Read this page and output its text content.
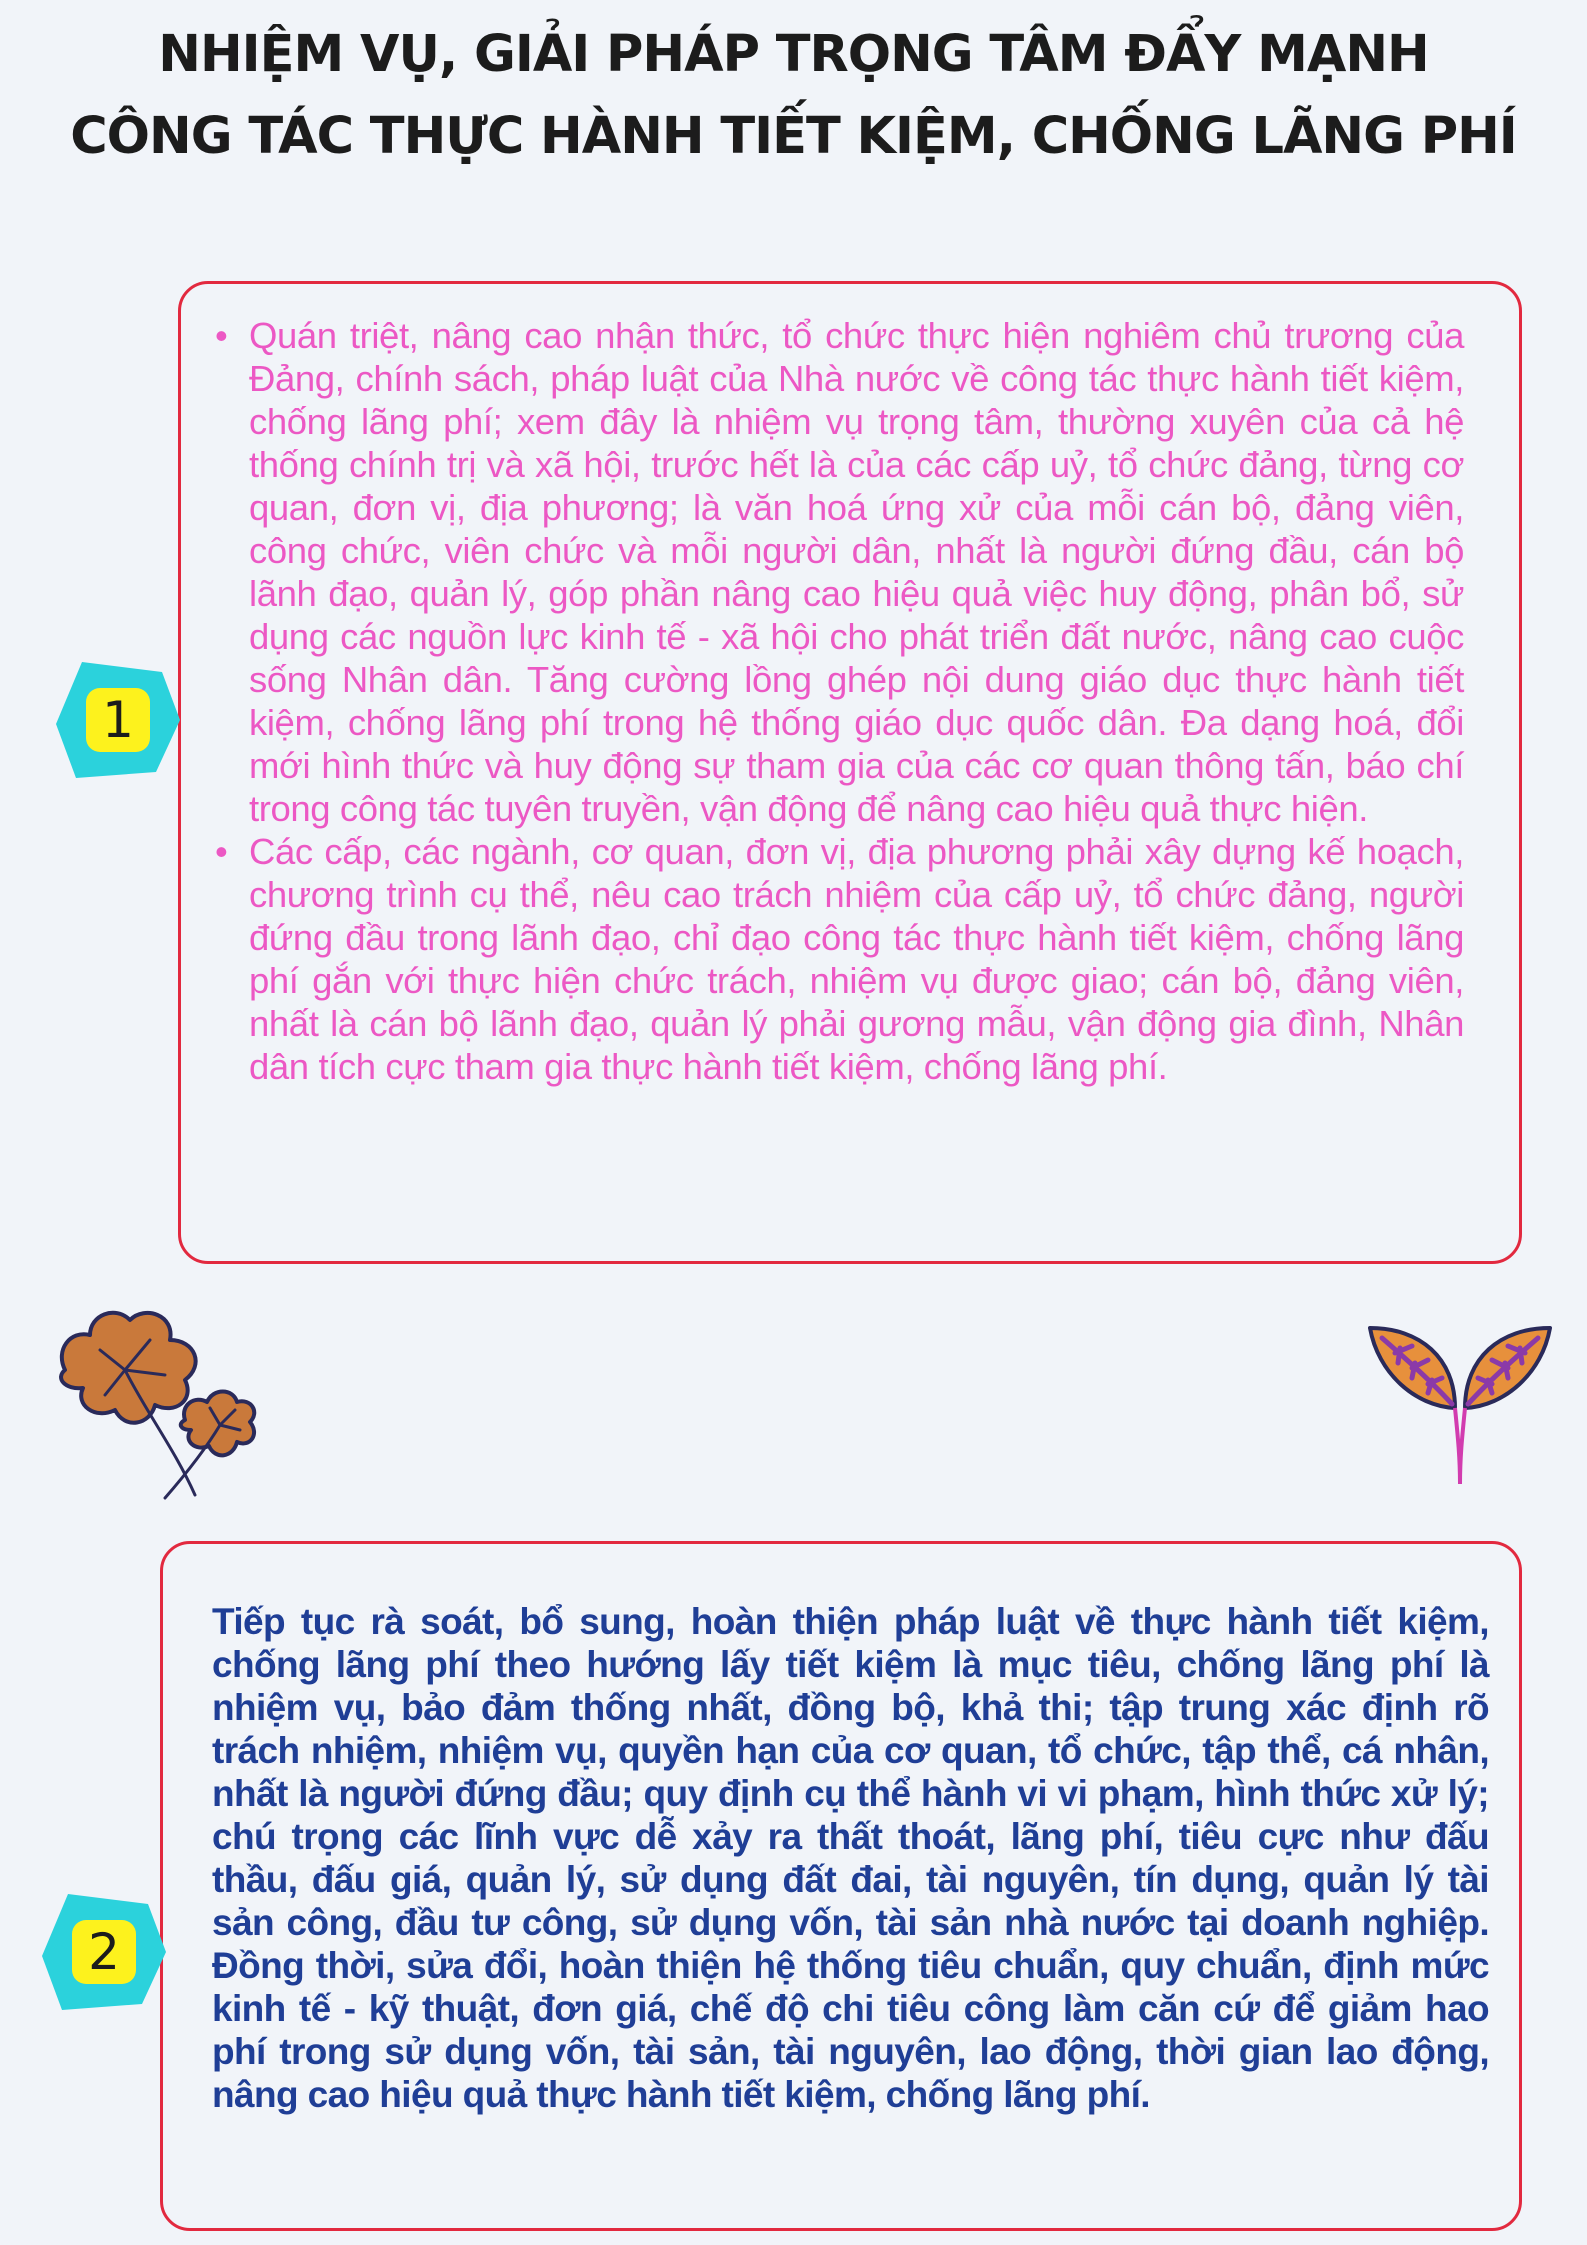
NHIỆM VỤ, GIẢI PHÁP TRỌNG TÂM ĐẨY MẠNH
CÔNG TÁC THỰC HÀNH TIẾT KIỆM, CHỐNG LÃNG PHÍ
• Quán triệt, nâng cao nhận thức, tổ chức thực hiện nghiêm chủ trương của Đảng, chính sách, pháp luật của Nhà nước về công tác thực hành tiết kiệm, chống lãng phí; xem đây là nhiệm vụ trọng tâm, thường xuyên của cả hệ thống chính trị và xã hội, trước hết là của các cấp uỷ, tổ chức đảng, từng cơ quan, đơn vị, địa phương; là văn hoá ứng xử của mỗi cán bộ, đảng viên, công chức, viên chức và mỗi người dân, nhất là người đứng đầu, cán bộ lãnh đạo, quản lý, góp phần nâng cao hiệu quả việc huy động, phân bổ, sử dụng các nguồn lực kinh tế - xã hội cho phát triển đất nước, nâng cao cuộc sống Nhân dân. Tăng cường lồng ghép nội dung giáo dục thực hành tiết kiệm, chống lãng phí trong hệ thống giáo dục quốc dân. Đa dạng hoá, đổi mới hình thức và huy động sự tham gia của các cơ quan thông tấn, báo chí trong công tác tuyên truyền, vận động để nâng cao hiệu quả thực hiện.
• Các cấp, các ngành, cơ quan, đơn vị, địa phương phải xây dựng kế hoạch, chương trình cụ thể, nêu cao trách nhiệm của cấp uỷ, tổ chức đảng, người đứng đầu trong lãnh đạo, chỉ đạo công tác thực hành tiết kiệm, chống lãng phí gắn với thực hiện chức trách, nhiệm vụ được giao; cán bộ, đảng viên, nhất là cán bộ lãnh đạo, quản lý phải gương mẫu, vận động gia đình, Nhân dân tích cực tham gia thực hành tiết kiệm, chống lãng phí.
1

Tiếp tục rà soát, bổ sung, hoàn thiện pháp luật về thực hành tiết kiệm, chống lãng phí theo hướng lấy tiết kiệm là mục tiêu, chống lãng phí là nhiệm vụ, bảo đảm thống nhất, đồng bộ, khả thi; tập trung xác định rõ trách nhiệm, nhiệm vụ, quyền hạn của cơ quan, tổ chức, tập thể, cá nhân, nhất là người đứng đầu; quy định cụ thể hành vi vi phạm, hình thức xử lý; chú trọng các lĩnh vực dễ xảy ra thất thoát, lãng phí, tiêu cực như đấu thầu, đấu giá, quản lý, sử dụng đất đai, tài nguyên, tín dụng, quản lý tài sản công, đầu tư công, sử dụng vốn, tài sản nhà nước tại doanh nghiệp. Đồng thời, sửa đổi, hoàn thiện hệ thống tiêu chuẩn, quy chuẩn, định mức kinh tế - kỹ thuật, đơn giá, chế độ chi tiêu công làm căn cứ để giảm hao phí trong sử dụng vốn, tài sản, tài nguyên, lao động, thời gian lao động, nâng cao hiệu quả thực hành tiết kiệm, chống lãng phí.

2
